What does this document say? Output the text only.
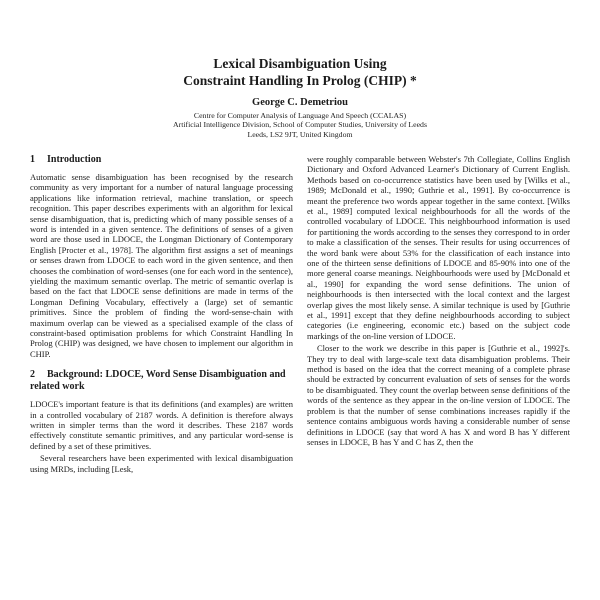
Lexical Disambiguation Using
Constraint Handling In Prolog (CHIP) *

George C. Demetriou

Centre for Computer Analysis of Language And Speech (CCALAS)

Artificial Intelligence Division, School of Computer Studies, University of Leeds

Leeds, LS2 9JT, United Kingdom

1 Introduction

Automatic sense disambiguation has been recognised by the research community as very important for a number of natural language processing applications like information retrieval, machine translation, or speech recognition. This paper describes experiments with an algorithm for lexical sense disambiguation, that is, predicting which of many possible senses of a word is intended in a given sentence. The definitions of senses of a given word are those used in LDOCE, the Longman Dictionary of Contemporary English [Procter et al., 1978]. The algorithm first assigns a set of meanings or senses drawn from LDOCE to each word in the given sentence, and then chooses the combination of word-senses (one for each word in the sentence), yielding the maximum semantic overlap. The metric of semantic overlap is based on the fact that LDOCE sense definitions are made in terms of the Longman Defining Vocabulary, effectively a (large) set of semantic primitives. Since the problem of finding the word-sense-chain with maximum overlap can be viewed as a specialised example of the class of constraint-based optimisation problems for which Constraint Handling In Prolog (CHIP) was designed, we have chosen to implement our algorithm in CHIP.

2 Background: LDOCE, Word Sense Disambiguation and related work

LDOCE's important feature is that its definitions (and examples) are written in a controlled vocabulary of 2187 words. A definition is therefore always written in simpler terms than the word it describes. These 2187 words effectively constitute semantic primitives, and any particular word-sense is defined by a set of these primitives.

Several researchers have been experimented with lexical disambiguation using MRDs, including [Lesk,

were roughly comparable between Webster's 7th Collegiate, Collins English Dictionary and Oxford Advanced Learner's Dictionary of Current English. Methods based on co-occurrence statistics have been used by [Wilks et al., 1989; McDonald et al., 1990; Guthrie et al., 1991]. By co-occurrence is meant the preference two words appear together in the same context. [Wilks et al., 1989] computed lexical neighbourhoods for all the words of the controlled vocabulary of LDOCE. This neighbourhood information is used for partitioning the words according to the senses they correspond to in order to make a classification of the senses. Their results for using occurrences of the word bank were about 53% for the classification of each instance into one of the thirteen sense definitions of LDOCE and 85-90% into one of the more general coarse meanings. Neighbourhoods were used by [McDonald et al., 1990] for expanding the word sense definitions. The union of neighbourhoods is then intersected with the local context and the largest overlap gives the most likely sense. A similar technique is used by [Guthrie et al., 1991] except that they define neighbourhoods according to subject categories (i.e engineering, economic etc.) based on the subject code markings of the on-line version of LDOCE.

Closer to the work we describe in this paper is [Guthrie et al., 1992]'s. They try to deal with large-scale text data disambiguation problems. Their method is based on the idea that the correct meaning of a complete phrase should be extracted by concurrent evaluation of sets of senses for the words to be disambiguated. They count the overlap between sense definitions of the words of the sentence as they appear in the on-line version of LDOCE. The problem is that the number of sense combinations increases rapidly if the sentence contains ambiguous words having a considerable number of sense definitions in LDOCE (say that word A has X and word B has Y different senses in LDOCE, B has Y and C has Z, then the
